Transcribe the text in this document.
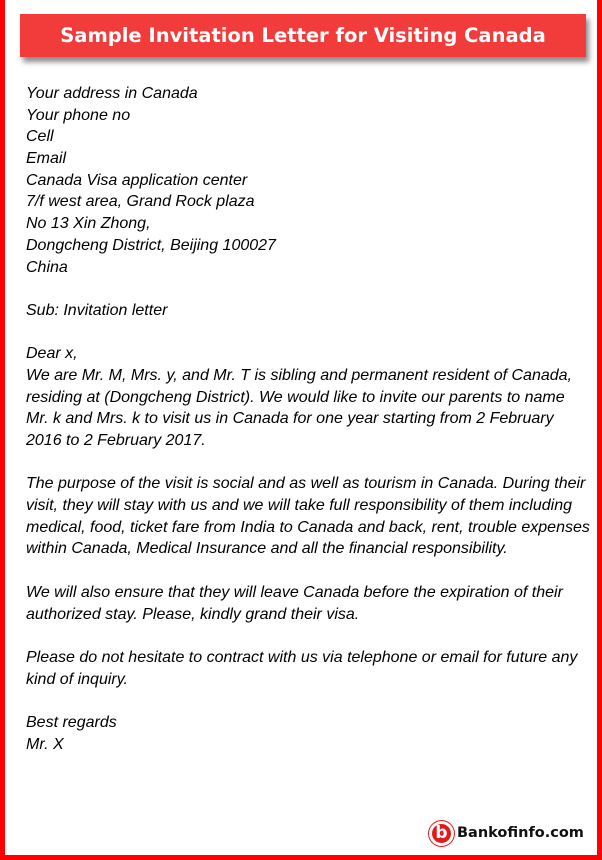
Sample Invitation Letter for Visiting Canada
Your address in Canada
Your phone no
Cell
Email
Canada Visa application center
7/f west area, Grand Rock plaza
No 13 Xin Zhong,
Dongcheng District, Beijing 100027
China
Sub: Invitation letter
Dear x,
We are Mr. M, Mrs. y, and Mr. T is sibling and permanent resident of Canada,
residing at (Dongcheng District). We would like to invite our parents to name
Mr. k and Mrs. k to visit us in Canada for one year starting from 2 February
2016 to 2 February 2017.
The purpose of the visit is social and as well as tourism in Canada. During their
visit, they will stay with us and we will take full responsibility of them including
medical, food, ticket fare from India to Canada and back, rent, trouble expenses
within Canada, Medical Insurance and all the financial responsibility.
We will also ensure that they will leave Canada before the expiration of their
authorized stay. Please, kindly grand their visa.
Please do not hesitate to contract with us via telephone or email for future any
kind of inquiry.
Best regards
Mr. X
b Bankofinfo.com
